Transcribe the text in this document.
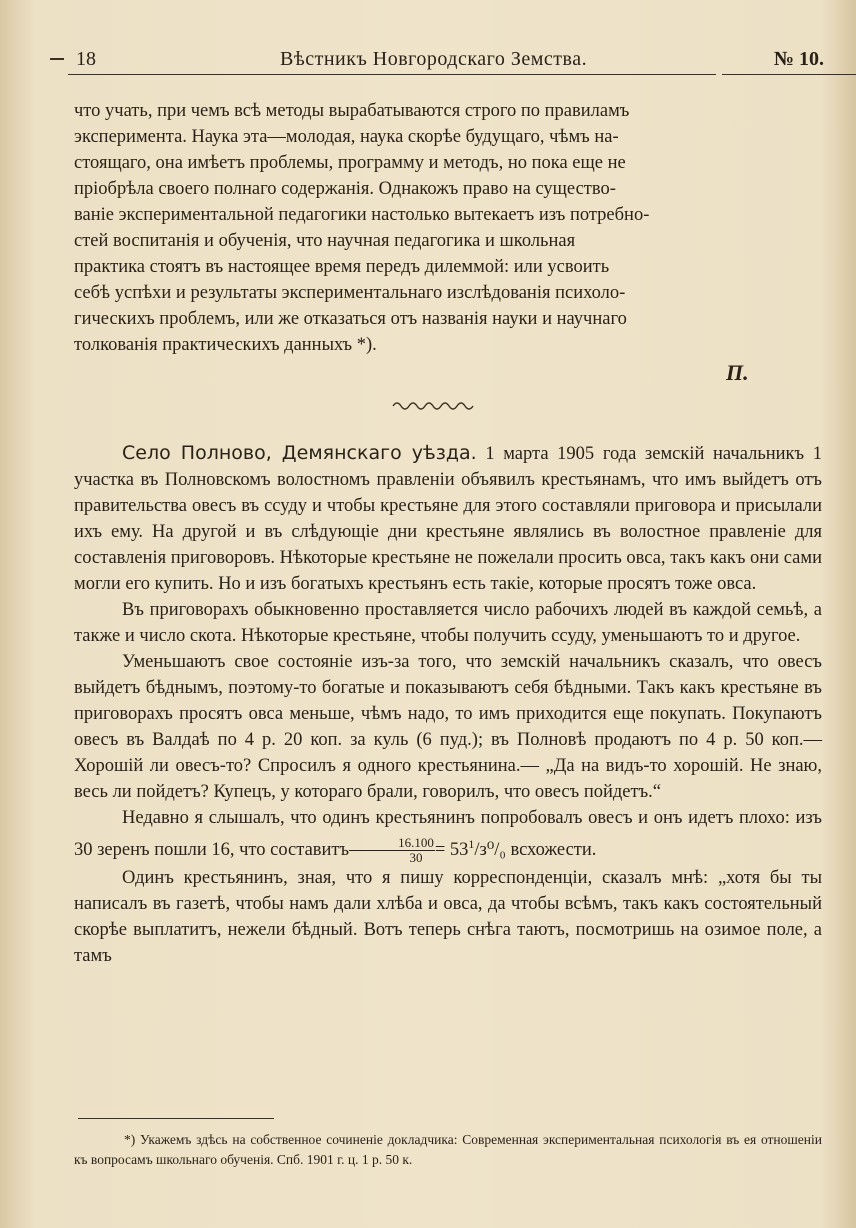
18	Вѣстникъ Новгородскаго Земства.	№ 10.

что учать, при чемъ всѣ методы вырабатываются строго по правиламъ

эксперимента. Наука эта—молодая, наука скорѣе будущаго, чѣмъ на-

стоящаго, она имѣетъ проблемы, программу и методъ, но пока еще не

пріобрѣла своего полнаго содержанія. Однакожъ право на существо-

ваніе экспериментальной педагогики настолько вытекаетъ изъ потребно-

стей воспитанія и обученія, что научная педагогика и школьная

практика стоятъ въ настоящее время передъ дилеммой: или усвоить

себѣ успѣхи и результаты экспериментальнаго изслѣдованія психоло-

гическихъ проблемъ, или же отказаться отъ названія науки и научнаго

толкованія практическихъ данныхъ *).

П.

Село Полново, Демянскаго уѣзда. 1 марта 1905 года земскій начальникъ 1 участка въ Полновскомъ волостномъ правленіи объявилъ крестьянамъ, что имъ выйдетъ отъ правительства овесъ въ ссуду и чтобы крестьяне для этого составляли приговора и присылали ихъ ему. На другой и въ слѣдующіе дни крестьяне являлись въ волостное правленіе для составленія приговоровъ. Нѣкоторые крестьяне не пожелали просить овса, такъ какъ они сами могли его купить. Но и изъ богатыхъ крестьянъ есть такіе, которые просятъ тоже овса.

Въ приговорахъ обыкновенно проставляется число рабочихъ людей въ каждой семьѣ, а также и число скота. Нѣкоторые крестьяне, чтобы получить ссуду, уменьшаютъ то и другое.

Уменьшаютъ свое состояніе изъ-за того, что земскій начальникъ сказалъ, что овесъ выйдетъ бѣднымъ, поэтому-то богатые и показываютъ себя бѣдными. Такъ какъ крестьяне въ приговорахъ просятъ овса меньше, чѣмъ надо, то имъ приходится еще покупать. Покупаютъ овесъ въ Валдаѣ по 4 р. 20 коп. за куль (6 пуд.); въ Полновѣ продаютъ по 4 р. 50 коп.—Хорошій ли овесъ-то? Спросилъ я одного крестьянина.— „Да на видъ-то хорошій. Не знаю, весь ли пойдетъ? Купецъ, у котораго брали, говорилъ, что овесъ пойдетъ.“

Недавно я слышалъ, что одинъ крестьянинъ попробовалъ овесъ и онъ идетъ плохо: изъ 30 зеренъ пошли 16, что составитъ $\frac{16.100}{30} = 53^1/з^0/_0$ всхожести.

Одинъ крестьянинъ, зная, что я пишу корреспонденціи, сказалъ мнѣ: „хотя бы ты написалъ въ газетѣ, чтобы намъ дали хлѣба и овса, да чтобы всѣмъ, такъ какъ состоятельный скорѣе выплатитъ, нежели бѣдный. Вотъ теперь снѣга таютъ, посмотришь на озимое поле, а тамъ

*) Укажемъ здѣсь на собственное сочиненіе докладчика: Современная экспериментальная психологія въ ея отношеніи къ вопросамъ школьнаго обученія. Спб. 1901 г. ц. 1 р. 50 к.
